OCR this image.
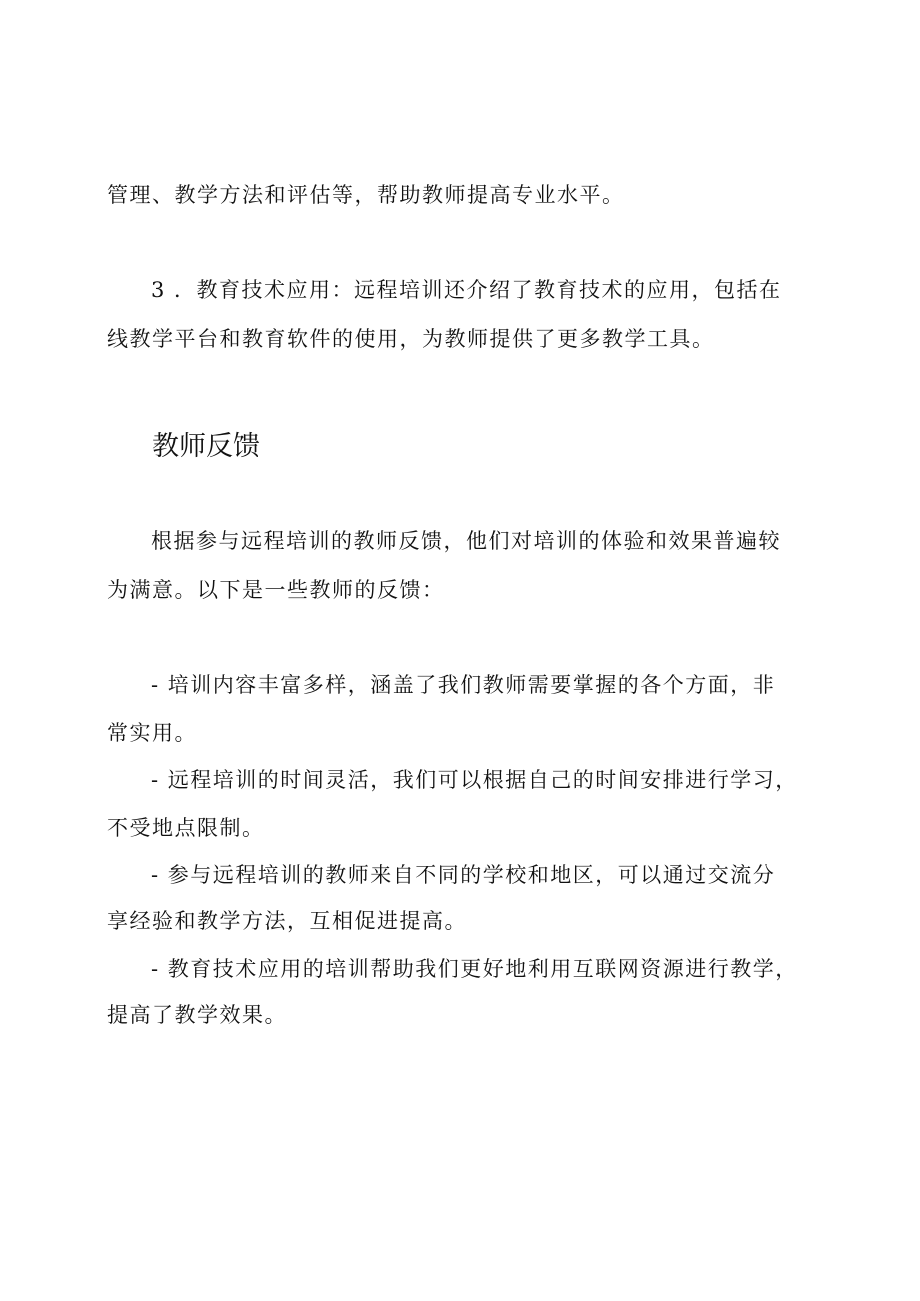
管理、教学方法和评估等，帮助教师提高专业水平。
3 ．教育技术应用：远程培训还介绍了教育技术的应用，包括在
线教学平台和教育软件的使用，为教师提供了更多教学工具。
教师反馈
根据参与远程培训的教师反馈，他们对培训的体验和效果普遍较
为满意。以下是一些教师的反馈：
- 培训内容丰富多样，涵盖了我们教师需要掌握的各个方面，非
常实用。
- 远程培训的时间灵活，我们可以根据自己的时间安排进行学习，
不受地点限制。
- 参与远程培训的教师来自不同的学校和地区，可以通过交流分
享经验和教学方法，互相促进提高。
- 教育技术应用的培训帮助我们更好地利用互联网资源进行教学，
提高了教学效果。
